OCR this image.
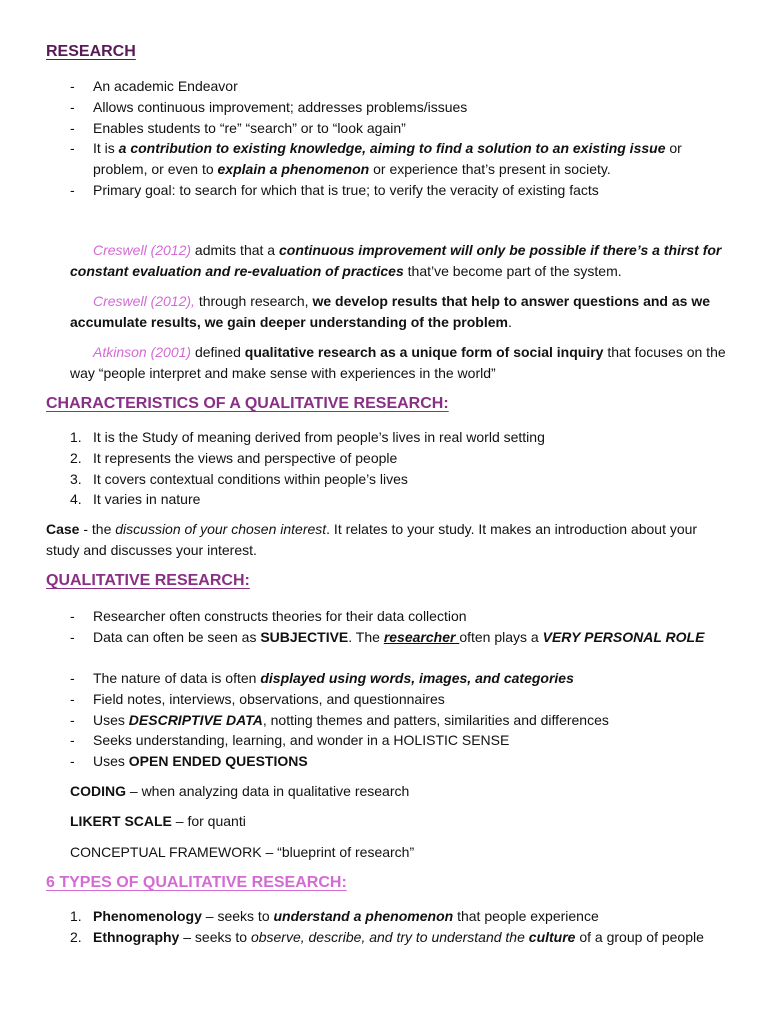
RESEARCH
- An academic Endeavor
- Allows continuous improvement; addresses problems/issues
- Enables students to “re” “search” or to “look again”
- It is a contribution to existing knowledge, aiming to find a solution to an existing issue or problem, or even to explain a phenomenon or experience that’s present in society.
- Primary goal: to search for which that is true; to verify the veracity of existing facts

Creswell (2012) admits that a continuous improvement will only be possible if there’s a thirst for constant evaluation and re-evaluation of practices that’ve become part of the system.

Creswell (2012), through research, we develop results that help to answer questions and as we accumulate results, we gain deeper understanding of the problem.

Atkinson (2001) defined qualitative research as a unique form of social inquiry that focuses on the way “people interpret and make sense with experiences in the world”

CHARACTERISTICS OF A QUALITATIVE RESEARCH:
1. It is the Study of meaning derived from people’s lives in real world setting
2. It represents the views and perspective of people
3. It covers contextual conditions within people’s lives
4. It varies in nature

Case - the discussion of your chosen interest. It relates to your study. It makes an introduction about your study and discusses your interest.

QUALITATIVE RESEARCH:
- Researcher often constructs theories for their data collection
- Data can often be seen as SUBJECTIVE. The researcher often plays a VERY PERSONAL ROLE
- The nature of data is often displayed using words, images, and categories
- Field notes, interviews, observations, and questionnaires
- Uses DESCRIPTIVE DATA, notting themes and patters, similarities and differences
- Seeks understanding, learning, and wonder in a HOLISTIC SENSE
- Uses OPEN ENDED QUESTIONS

CODING – when analyzing data in qualitative research

LIKERT SCALE – for quanti

CONCEPTUAL FRAMEWORK – “blueprint of research”

6 TYPES OF QUALITATIVE RESEARCH:
1. Phenomenology – seeks to understand a phenomenon that people experience
2. Ethnography – seeks to observe, describe, and try to understand the culture of a group of people
